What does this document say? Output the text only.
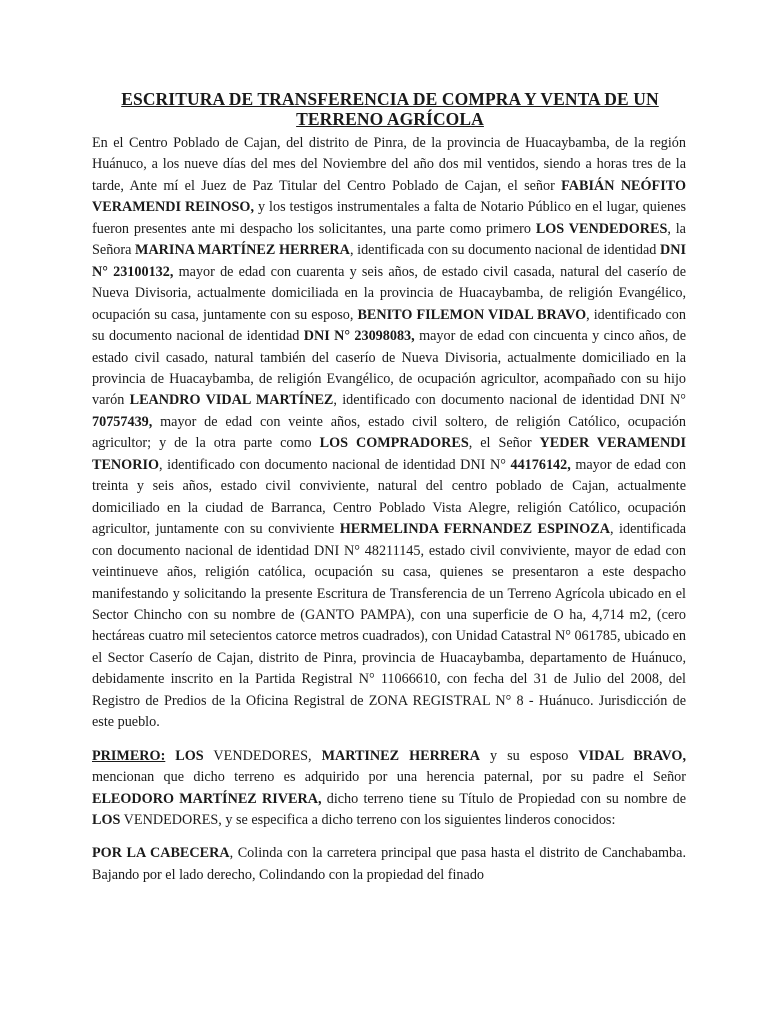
ESCRITURA DE TRANSFERENCIA DE COMPRA Y VENTA DE UN TERRENO AGRÍCOLA

En el Centro Poblado de Cajan, del distrito de Pinra, de la provincia de Huacaybamba, de la región Huánuco, a los nueve días del mes del Noviembre del año dos mil ventidos, siendo a horas tres de la tarde, Ante mí el Juez de Paz Titular del Centro Poblado de Cajan, el señor FABIÁN NEÓFITO VERAMENDI REINOSO, y los testigos instrumentales a falta de Notario Público en el lugar, quienes fueron presentes ante mi despacho los solicitantes, una parte como primero LOS VENDEDORES, la Señora MARINA MARTÍNEZ HERRERA, identificada con su documento nacional de identidad DNI N° 23100132, mayor de edad con cuarenta y seis años, de estado civil casada, natural del caserío de Nueva Divisoria, actualmente domiciliada en la provincia de Huacaybamba, de religión Evangélico, ocupación su casa, juntamente con su esposo, BENITO FILEMON VIDAL BRAVO, identificado con su documento nacional de identidad DNI N° 23098083, mayor de edad con cincuenta y cinco años, de estado civil casado, natural también del caserío de Nueva Divisoria, actualmente domiciliado en la provincia de Huacaybamba, de religión Evangélico, de ocupación agricultor, acompañado con su hijo varón LEANDRO VIDAL MARTÍNEZ, identificado con documento nacional de identidad DNI N° 70757439, mayor de edad con veinte años, estado civil soltero, de religión Católico, ocupación agricultor; y de la otra parte como LOS COMPRADORES, el Señor YEDER VERAMENDI TENORIO, identificado con documento nacional de identidad DNI N° 44176142, mayor de edad con treinta y seis años, estado civil conviviente, natural del centro poblado de Cajan, actualmente domiciliado en la ciudad de Barranca, Centro Poblado Vista Alegre, religión Católico, ocupación agricultor, juntamente con su conviviente HERMELINDA FERNANDEZ ESPINOZA, identificada con documento nacional de identidad DNI N° 48211145, estado civil conviviente, mayor de edad con veintinueve años, religión católica, ocupación su casa, quienes se presentaron a este despacho manifestando y solicitando la presente Escritura de Transferencia de un Terreno Agrícola ubicado en el Sector Chincho con su nombre de (GANTO PAMPA), con una superficie de O ha, 4,714 m2, (cero hectáreas cuatro mil setecientos catorce metros cuadrados), con Unidad Catastral N° 061785, ubicado en el Sector Caserío de Cajan, distrito de Pinra, provincia de Huacaybamba, departamento de Huánuco, debidamente inscrito en la Partida Registral N° 11066610, con fecha del 31 de Julio del 2008, del Registro de Predios de la Oficina Registral de ZONA REGISTRAL N° 8 - Huánuco. Jurisdicción de este pueblo.

PRIMERO: LOS VENDEDORES, MARTINEZ HERRERA y su esposo VIDAL BRAVO, mencionan que dicho terreno es adquirido por una herencia paternal, por su padre el Señor ELEODORO MARTÍNEZ RIVERA, dicho terreno tiene su Título de Propiedad con su nombre de LOS VENDEDORES, y se especifica a dicho terreno con los siguientes linderos conocidos:

POR LA CABECERA, Colinda con la carretera principal que pasa hasta el distrito de Canchabamba. Bajando por el lado derecho, Colindando con la propiedad del finado
